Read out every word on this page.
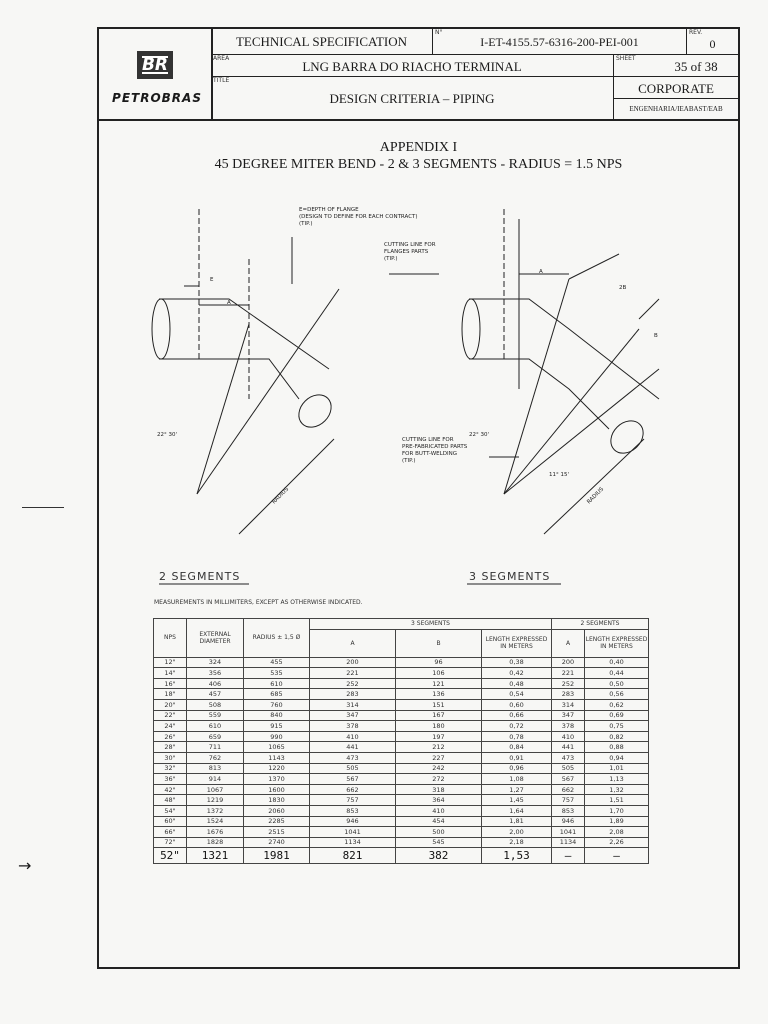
→
BR
PETROBRAS
TECHNICAL SPECIFICATION
N°
I-ET-4155.57-6316-200-PEI-001
REV.
0
AREA
LNG BARRA DO RIACHO TERMINAL
SHEET
35 of 38
TITLE
DESIGN CRITERIA – PIPING
CORPORATE
ENGENHARIA/IEABAST/EAB
APPENDIX I
45 DEGREE MITER BEND - 2 & 3 SEGMENTS - RADIUS = 1.5 NPS
E=DEPTH OF FLANGE
(DESIGN TO DEFINE FOR EACH CONTRACT)
(TIP.)
CUTTING LINE FOR
FLANGES PARTS
(TIP.)
CUTTING LINE FOR
PRE-FABRICATED PARTS
FOR BUTT-WELDING
(TIP.)
E
A
A
2B
B
22° 30'	22° 30'
11° 15'
RADIUS	RADIUS
2 SEGMENTS	3 SEGMENTS
MEASUREMENTS IN MILLIMITERS, EXCEPT AS OTHERWISE INDICATED.
NPS	EXTERNAL DIAMETER	RADIUS ± 1,5 Ø	3 SEGMENTS			2 SEGMENTS	
			A	B	LENGTH EXPRESSED IN METERS	A	LENGTH EXPRESSED IN METERS
12"	324	455	200	96	0,38	200	0,40
14"	356	535	221	106	0,42	221	0,44
16"	406	610	252	121	0,48	252	0,50
18"	457	685	283	136	0,54	283	0,56
20"	508	760	314	151	0,60	314	0,62
22"	559	840	347	167	0,66	347	0,69
24"	610	915	378	180	0,72	378	0,75
26"	659	990	410	197	0,78	410	0,82
28"	711	1065	441	212	0,84	441	0,88
30"	762	1143	473	227	0,91	473	0,94
32"	813	1220	505	242	0,96	505	1,01
36"	914	1370	567	272	1,08	567	1,13
42"	1067	1600	662	318	1,27	662	1,32
48"	1219	1830	757	364	1,45	757	1,51
54"	1372	2060	853	410	1,64	853	1,70
60"	1524	2285	946	454	1,81	946	1,89
66"	1676	2515	1041	500	2,00	1041	2,08
72"	1828	2740	1134	545	2,18	1134	2,26
52"	1321	1981	821	382	1,53	—	—
